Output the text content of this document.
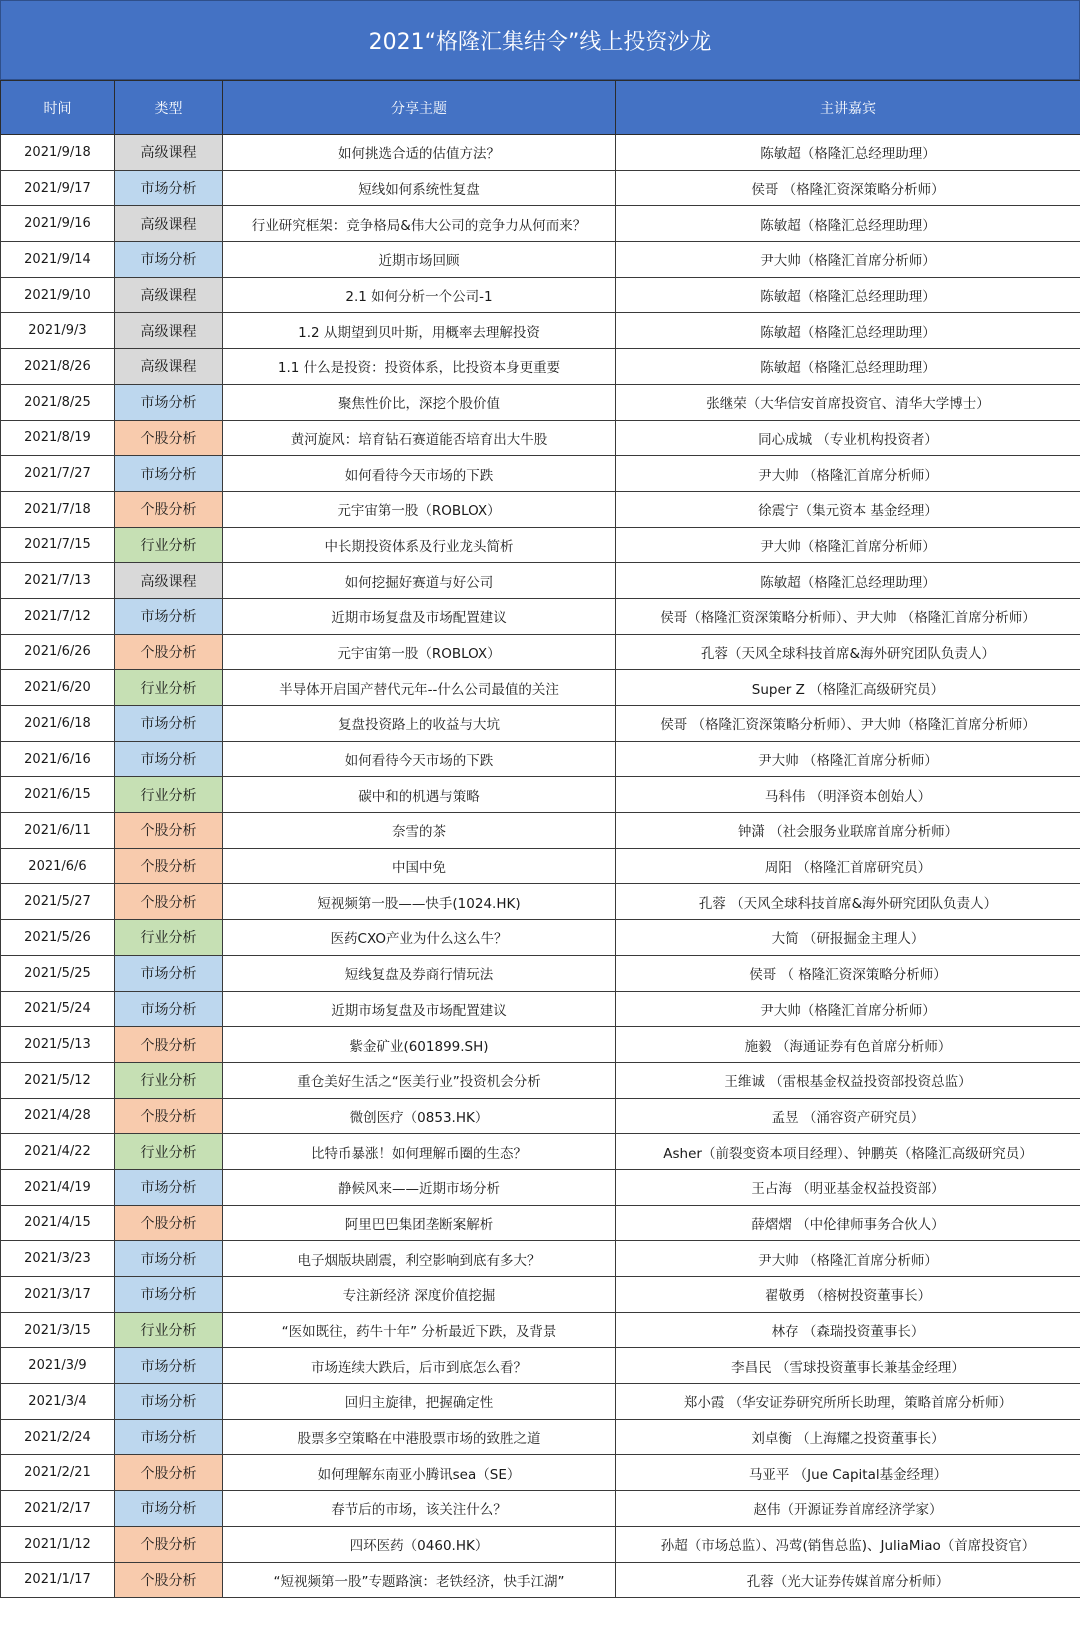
2021“格隆汇集结令”线上投资沙龙
时间	类型	分享主题	主讲嘉宾
2021/9/18	高级课程	如何挑选合适的估值方法？	陈敏超（格隆汇总经理助理）
2021/9/17	市场分析	短线如何系统性复盘	侯哥 （格隆汇资深策略分析师）
2021/9/16	高级课程	行业研究框架：竞争格局&伟大公司的竞争力从何而来？	陈敏超（格隆汇总经理助理）
2021/9/14	市场分析	近期市场回顾	尹大帅（格隆汇首席分析师）
2021/9/10	高级课程	2.1 如何分析一个公司-1	陈敏超（格隆汇总经理助理）
2021/9/3	高级课程	1.2 从期望到贝叶斯，用概率去理解投资	陈敏超（格隆汇总经理助理）
2021/8/26	高级课程	1.1 什么是投资：投资体系，比投资本身更重要	陈敏超（格隆汇总经理助理）
2021/8/25	市场分析	聚焦性价比，深挖个股价值	张继荣（大华信安首席投资官、清华大学博士）
2021/8/19	个股分析	黄河旋风：培育钻石赛道能否培育出大牛股	同心成城 （专业机构投资者）
2021/7/27	市场分析	如何看待今天市场的下跌	尹大帅 （格隆汇首席分析师）
2021/7/18	个股分析	元宇宙第一股（ROBLOX）	徐震宁（集元资本 基金经理）
2021/7/15	行业分析	中长期投资体系及行业龙头简析	尹大帅（格隆汇首席分析师）
2021/7/13	高级课程	如何挖掘好赛道与好公司	陈敏超（格隆汇总经理助理）
2021/7/12	市场分析	近期市场复盘及市场配置建议	侯哥（格隆汇资深策略分析师）、尹大帅 （格隆汇首席分析师）
2021/6/26	个股分析	元宇宙第一股（ROBLOX）	孔蓉（天风全球科技首席&海外研究团队负责人）
2021/6/20	行业分析	半导体开启国产替代元年--什么公司最值的关注	Super Z （格隆汇高级研究员）
2021/6/18	市场分析	复盘投资路上的收益与大坑	侯哥 （格隆汇资深策略分析师）、尹大帅（格隆汇首席分析师）
2021/6/16	市场分析	如何看待今天市场的下跌	尹大帅 （格隆汇首席分析师）
2021/6/15	行业分析	碳中和的机遇与策略	马科伟 （明泽资本创始人）
2021/6/11	个股分析	奈雪的茶	钟潇 （社会服务业联席首席分析师）
2021/6/6	个股分析	中国中免	周阳 （格隆汇首席研究员）
2021/5/27	个股分析	短视频第一股——快手(1024.HK)	孔蓉 （天风全球科技首席&海外研究团队负责人）
2021/5/26	行业分析	医药CXO产业为什么这么牛？	大简 （研报掘金主理人）
2021/5/25	市场分析	短线复盘及券商行情玩法	侯哥 （ 格隆汇资深策略分析师）
2021/5/24	市场分析	近期市场复盘及市场配置建议	尹大帅（格隆汇首席分析师）
2021/5/13	个股分析	紫金矿业(601899.SH)	施毅 （海通证券有色首席分析师）
2021/5/12	行业分析	重仓美好生活之“医美行业”投资机会分析	王维诚 （雷根基金权益投资部投资总监）
2021/4/28	个股分析	微创医疗（0853.HK）	孟昱 （涌容资产研究员）
2021/4/22	行业分析	比特币暴涨！如何理解币圈的生态？	Asher（前裂变资本项目经理）、钟鹏英（格隆汇高级研究员）
2021/4/19	市场分析	静候风来——近期市场分析	王占海 （明亚基金权益投资部）
2021/4/15	个股分析	阿里巴巴集团垄断案解析	薛熠熠 （中伦律师事务合伙人）
2021/3/23	市场分析	电子烟版块剧震，利空影响到底有多大？	尹大帅 （格隆汇首席分析师）
2021/3/17	市场分析	专注新经济 深度价值挖掘	翟敬勇 （榕树投资董事长）
2021/3/15	行业分析	“医如既往，药牛十年” 分析最近下跌，及背景	林存 （森瑞投资董事长）
2021/3/9	市场分析	市场连续大跌后，后市到底怎么看？	李昌民 （雪球投资董事长兼基金经理）
2021/3/4	市场分析	回归主旋律，把握确定性	郑小霞 （华安证券研究所所长助理，策略首席分析师）
2021/2/24	市场分析	股票多空策略在中港股票市场的致胜之道	刘卓衡 （上海耀之投资董事长）
2021/2/21	个股分析	如何理解东南亚小腾讯sea（SE）	马亚平 （Jue Capital基金经理）
2021/2/17	市场分析	春节后的市场，该关注什么？	赵伟（开源证券首席经济学家）
2021/1/12	个股分析	四环医药（0460.HK）	孙超（市场总监）、冯莺(销售总监)、JuliaMiao（首席投资官）
2021/1/17	个股分析	“短视频第一股”专题路演：老铁经济，快手江湖”	孔蓉（光大证券传媒首席分析师）
